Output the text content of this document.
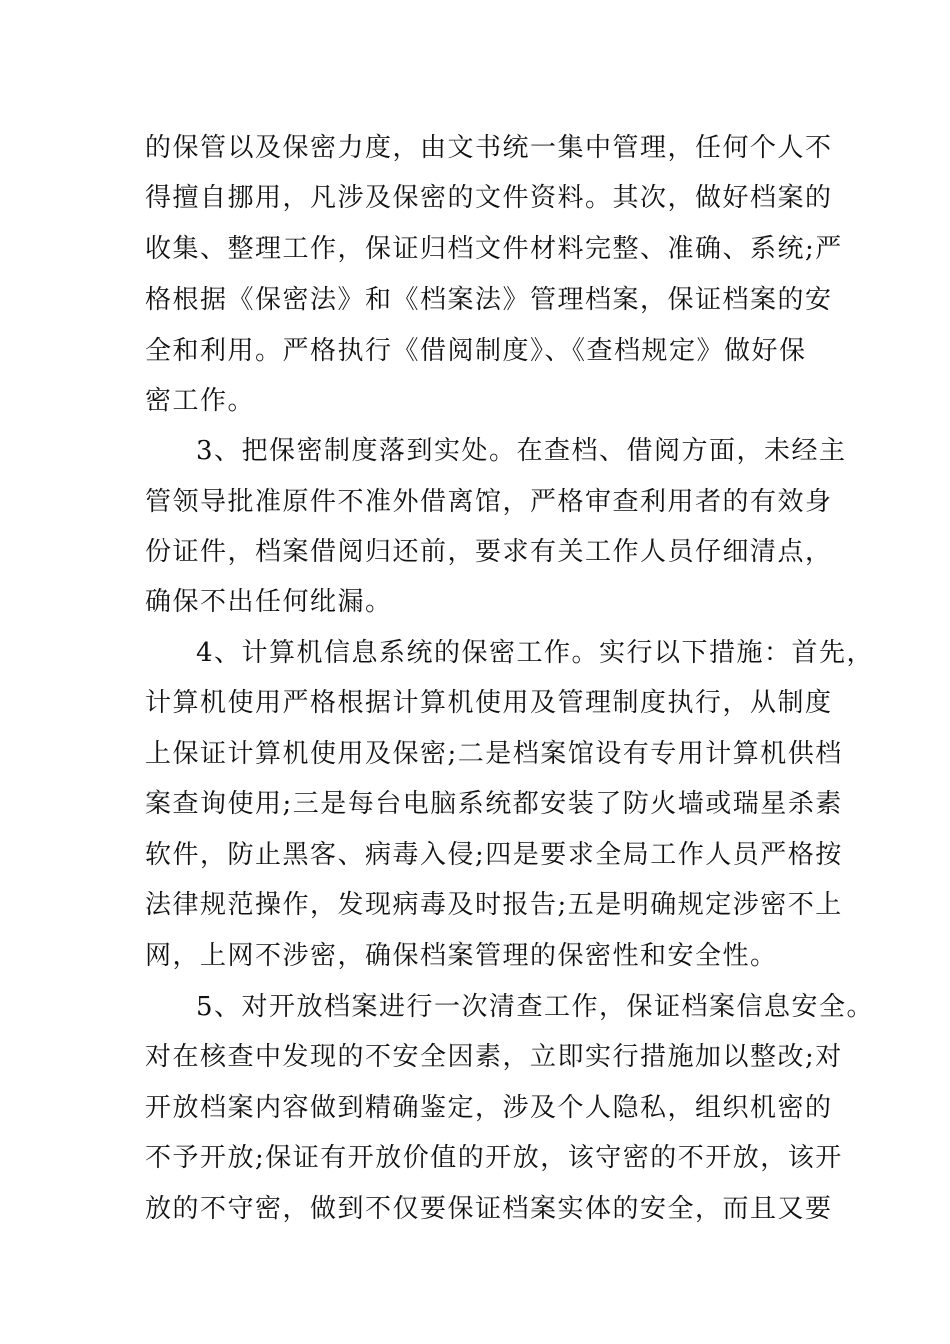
的保管以及保密力度，由文书统一集中管理，任何个人不
得擅自挪用，凡涉及保密的文件资料。其次，做好档案的
收集、整理工作，保证归档文件材料完整、准确、系统;严
格根据《保密法》和《档案法》管理档案，保证档案的安
全和利用。严格执行《借阅制度》、《查档规定》做好保
密工作。
3、把保密制度落到实处。在查档、借阅方面，未经主
管领导批准原件不准外借离馆，严格审查利用者的有效身
份证件，档案借阅归还前，要求有关工作人员仔细清点，
确保不出任何纰漏。
4、计算机信息系统的保密工作。实行以下措施：首先，
计算机使用严格根据计算机使用及管理制度执行，从制度
上保证计算机使用及保密;二是档案馆设有专用计算机供档
案查询使用;三是每台电脑系统都安装了防火墙或瑞星杀素
软件，防止黑客、病毒入侵;四是要求全局工作人员严格按
法律规范操作，发现病毒及时报告;五是明确规定涉密不上
网，上网不涉密，确保档案管理的保密性和安全性。
5、对开放档案进行一次清查工作，保证档案信息安全。
对在核查中发现的不安全因素，立即实行措施加以整改;对
开放档案内容做到精确鉴定，涉及个人隐私，组织机密的
不予开放;保证有开放价值的开放，该守密的不开放，该开
放的不守密，做到不仅要保证档案实体的安全，而且又要
